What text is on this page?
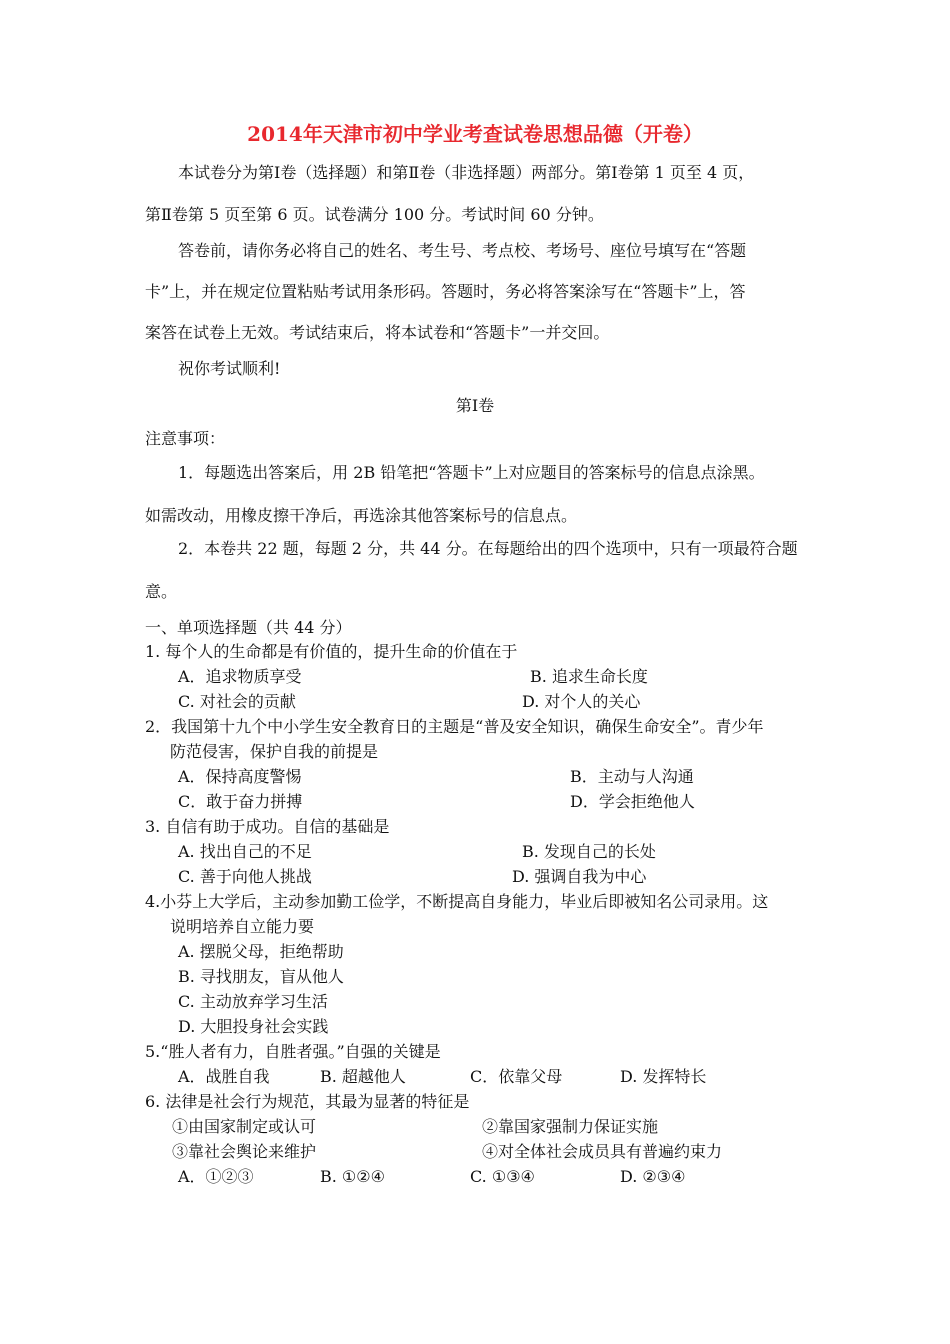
2014年天津市初中学业考查试卷思想品德（开卷）
本试卷分为第Ⅰ卷（选择题）和第Ⅱ卷（非选择题）两部分。第Ⅰ卷第 1 页至 4 页，
第Ⅱ卷第 5 页至第 6 页。试卷满分 100 分。考试时间 60 分钟。
答卷前，请你务必将自己的姓名、考生号、考点校、考场号、座位号填写在“答题
卡”上，并在规定位置粘贴考试用条形码。答题时，务必将答案涂写在“答题卡”上，答
案答在试卷上无效。考试结束后，将本试卷和“答题卡”一并交回。
祝你考试顺利!
第Ⅰ卷
注意事项：
1．每题选出答案后，用 2B 铅笔把“答题卡”上对应题目的答案标号的信息点涂黑。
如需改动，用橡皮擦干净后，再选涂其他答案标号的信息点。
2．本卷共 22 题，每题 2 分，共 44 分。在每题给出的四个选项中，只有一项最符合题
意。
一、单项选择题（共 44 分）
1. 每个人的生命都是有价值的，提升生命的价值在于
A．追求物质享受	B. 追求生命长度
C. 对社会的贡献	D. 对个人的关心
2．我国第十九个中小学生安全教育日的主题是“普及安全知识，确保生命安全”。青少年
防范侵害，保护自我的前提是
A．保持高度警惕	B．主动与人沟通
C．敢于奋力拼搏	D．学会拒绝他人
3. 自信有助于成功。自信的基础是
A. 找出自己的不足	B. 发现自己的长处
C. 善于向他人挑战	D. 强调自我为中心
4.小芬上大学后，主动参加勤工俭学，不断提高自身能力，毕业后即被知名公司录用。这
说明培养自立能力要
A. 摆脱父母，拒绝帮助
B. 寻找朋友，盲从他人
C. 主动放弃学习生活
D. 大胆投身社会实践
5.“胜人者有力，自胜者强。”自强的关键是
A．战胜自我	B. 超越他人	C．依靠父母	D. 发挥特长
6. 法律是社会行为规范，其最为显著的特征是
①由国家制定或认可	②靠国家强制力保证实施
③靠社会舆论来维护	④对全体社会成员具有普遍约束力
A．①②③	B. ①②④	C. ①③④	D. ②③④
